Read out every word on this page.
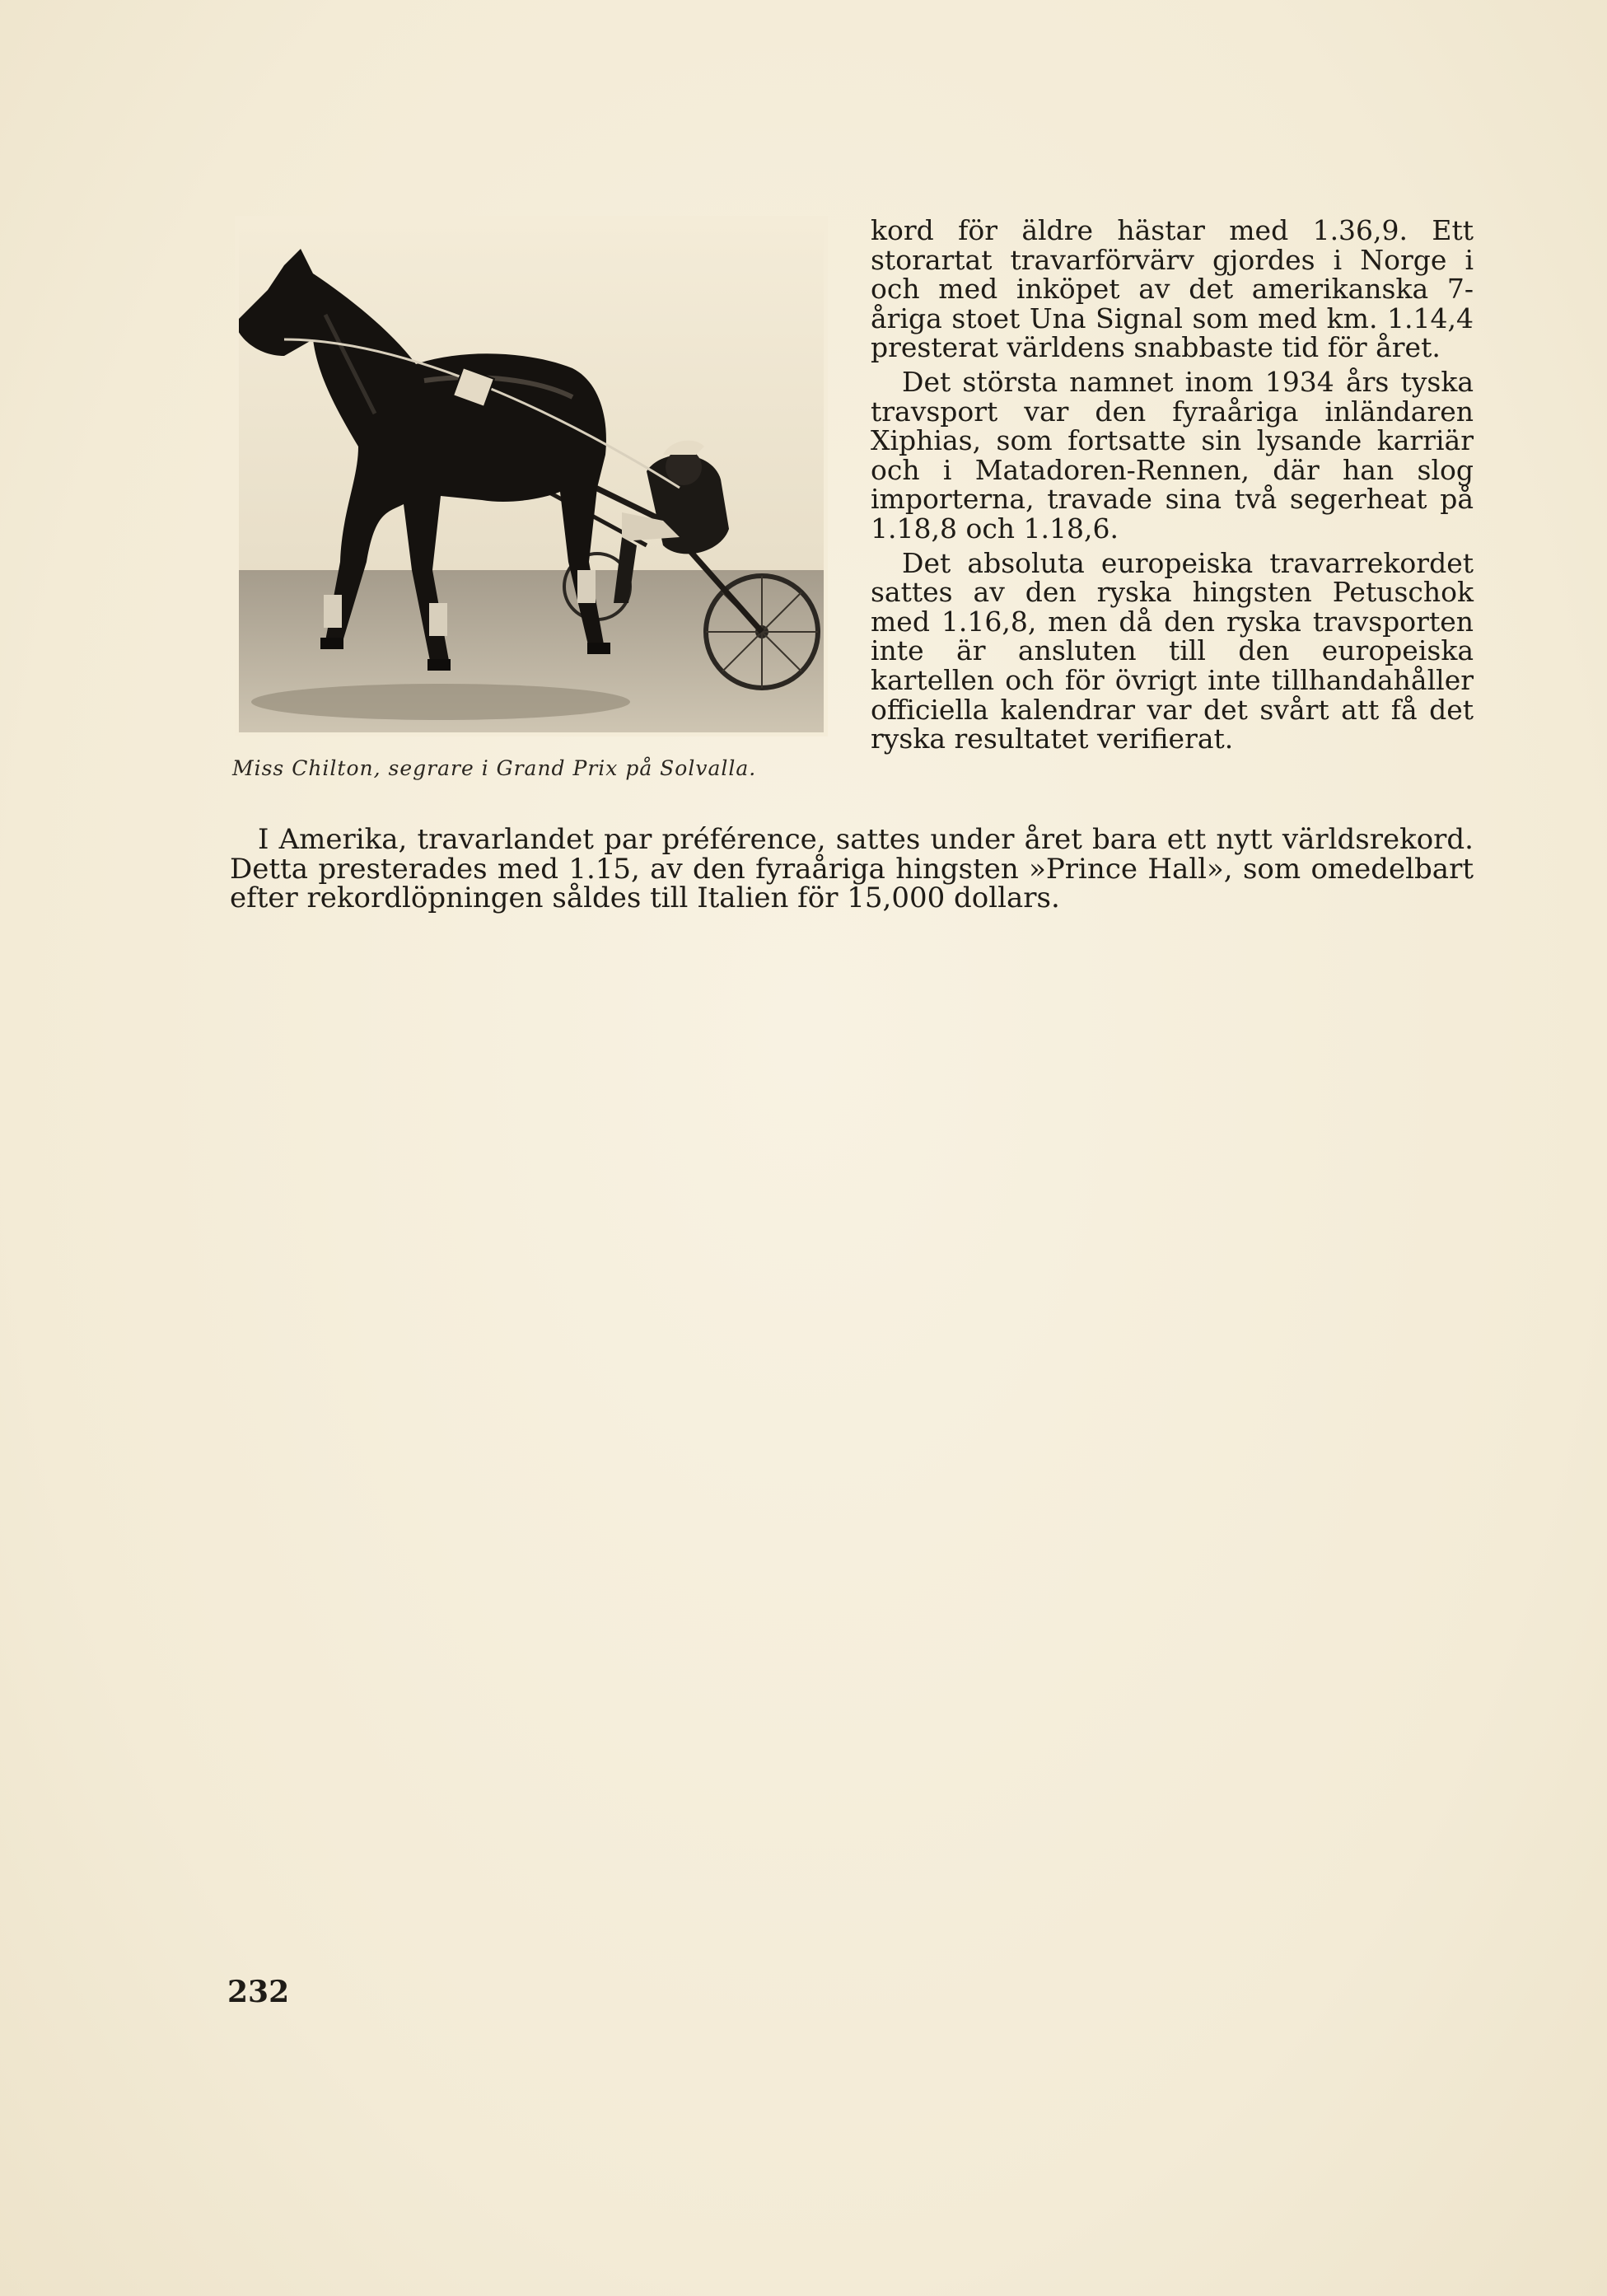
Miss Chilton, segrare i Grand Prix på Solvalla.

kord för äldre hästar med 1.36,9. Ett storartat travarförvärv gjordes i Norge i och med inköpet av det amerikanska 7-åriga stoet Una Signal som med km. 1.14,4 presterat världens snabbaste tid för året.

Det största namnet inom 1934 års tyska travsport var den fyraåriga inländaren Xiphias, som fortsatte sin lysande karriär och i Matadoren-Rennen, där han slog importerna, travade sina två segerheat på 1.18,8 och 1.18,6.

Det absoluta europeiska travarrekordet sattes av den ryska hingsten Petuschok med 1.16,8, men då den ryska travsporten inte är ansluten till den europeiska kartellen och för övrigt inte tillhandahåller officiella kalendrar var det svårt att få det ryska resultatet verifierat.

I Amerika, travarlandet par préférence, sattes under året bara ett nytt världsrekord. Detta presterades med 1.15, av den fyraåriga hingsten »Prince Hall», som omedelbart efter rekordlöpningen såldes till Italien för 15,000 dollars.

232
